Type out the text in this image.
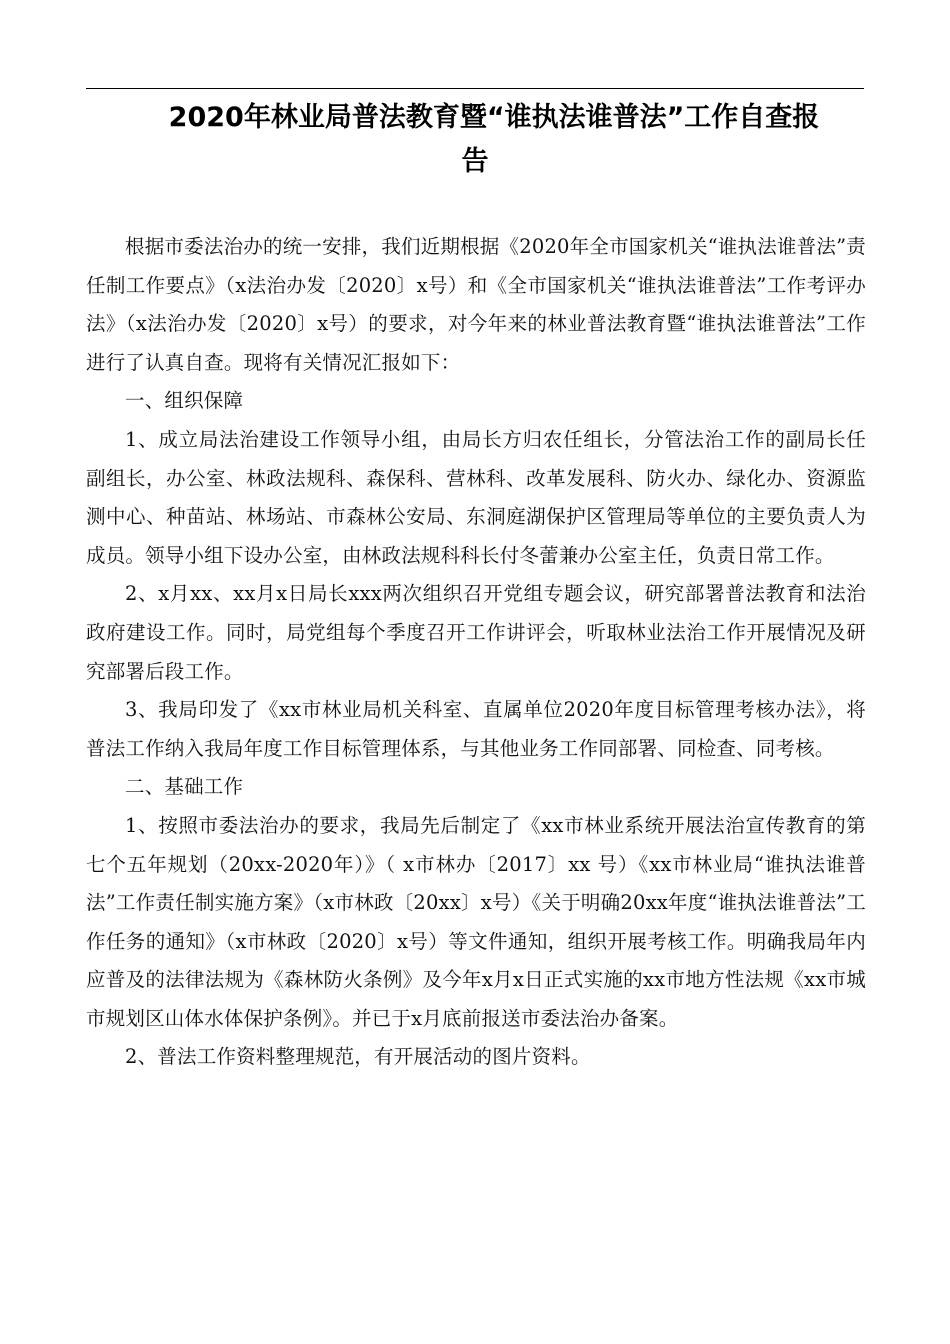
2020年林业局普法教育暨“谁执法谁普法”工作自查报
告

根据市委法治办的统一安排，我们近期根据《2020年全市国家机关“谁执法谁普法”责任制工作要点》（x法治办发〔2020〕x号）和《全市国家机关“谁执法谁普法”工作考评办法》（x法治办发〔2020〕x号）的要求，对今年来的林业普法教育暨“谁执法谁普法”工作进行了认真自查。现将有关情况汇报如下：

一、组织保障

1、成立局法治建设工作领导小组，由局长方归农任组长，分管法治工作的副局长任副组长，办公室、林政法规科、森保科、营林科、改革发展科、防火办、绿化办、资源监测中心、种苗站、林场站、市森林公安局、东洞庭湖保护区管理局等单位的主要负责人为成员。领导小组下设办公室，由林政法规科科长付冬蕾兼办公室主任，负责日常工作。

2、x月xx、xx月x日局长xxx两次组织召开党组专题会议，研究部署普法教育和法治政府建设工作。同时，局党组每个季度召开工作讲评会，听取林业法治工作开展情况及研究部署后段工作。

3、我局印发了《xx市林业局机关科室、直属单位2020年度目标管理考核办法》，将普法工作纳入我局年度工作目标管理体系，与其他业务工作同部署、同检查、同考核。

二、基础工作

1、按照市委法治办的要求，我局先后制定了《xx市林业系统开展法治宣传教育的第七个五年规划（20xx-2020年）》（ x市林办〔2017〕xx 号）《xx市林业局“谁执法谁普法”工作责任制实施方案》（x市林政〔20xx〕x号）《关于明确20xx年度“谁执法谁普法”工作任务的通知》（x市林政〔2020〕x号）等文件通知，组织开展考核工作。明确我局年内应普及的法律法规为《森林防火条例》及今年x月x日正式实施的xx市地方性法规《xx市城市规划区山体水体保护条例》。并已于x月底前报送市委法治办备案。

2、普法工作资料整理规范，有开展活动的图片资料。
